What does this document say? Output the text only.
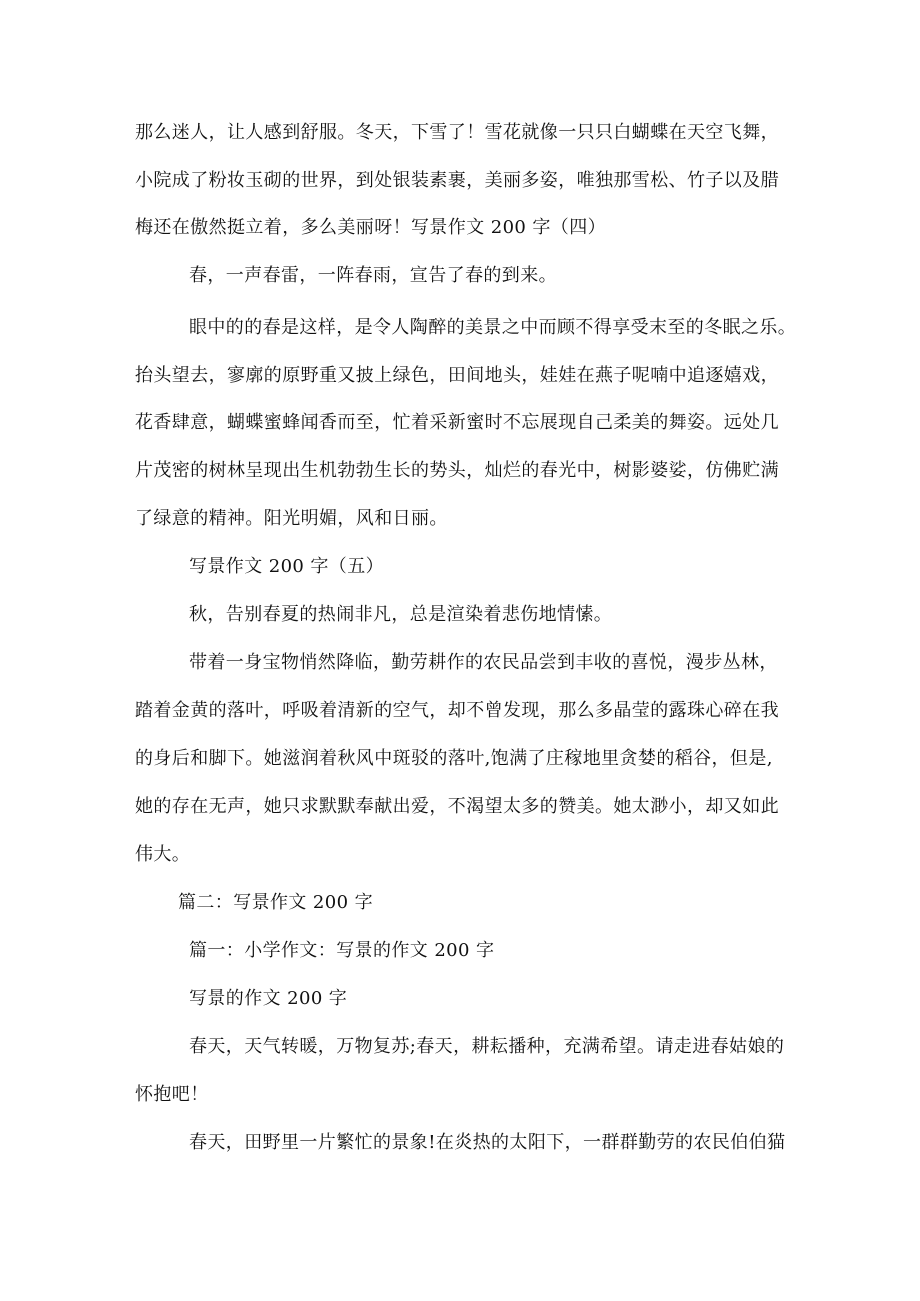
那么迷人，让人感到舒服。冬天，下雪了！雪花就像一只只白蝴蝶在天空飞舞，
小院成了粉妆玉砌的世界，到处银装素裹，美丽多姿，唯独那雪松、竹子以及腊
梅还在傲然挺立着，多么美丽呀！写景作文 200 字（四）
春，一声春雷，一阵春雨，宣告了春的到来。
眼中的的春是这样，是令人陶醉的美景之中而顾不得享受末至的冬眠之乐。
抬头望去，寥廓的原野重又披上绿色，田间地头，娃娃在燕子呢喃中追逐嬉戏，
花香肆意，蝴蝶蜜蜂闻香而至，忙着采新蜜时不忘展现自己柔美的舞姿。远处几
片茂密的树林呈现出生机勃勃生长的势头，灿烂的春光中，树影婆娑，仿佛贮满
了绿意的精神。阳光明媚，风和日丽。
写景作文 200 字（五）
秋，告别春夏的热闹非凡，总是渲染着悲伤地情愫。
带着一身宝物悄然降临，勤劳耕作的农民品尝到丰收的喜悦，漫步丛林，
踏着金黄的落叶，呼吸着清新的空气，却不曾发现，那么多晶莹的露珠心碎在我
的身后和脚下。她滋润着秋风中斑驳的落叶,饱满了庄稼地里贪婪的稻谷，但是,
她的存在无声，她只求默默奉献出爱，不渴望太多的赞美。她太渺小，却又如此
伟大。
篇二：写景作文 200 字
篇一：小学作文：写景的作文 200 字
写景的作文 200 字
春天，天气转暖，万物复苏;春天，耕耘播种，充满希望。请走进春姑娘的
怀抱吧！
春天，田野里一片繁忙的景象!在炎热的太阳下，一群群勤劳的农民伯伯猫
